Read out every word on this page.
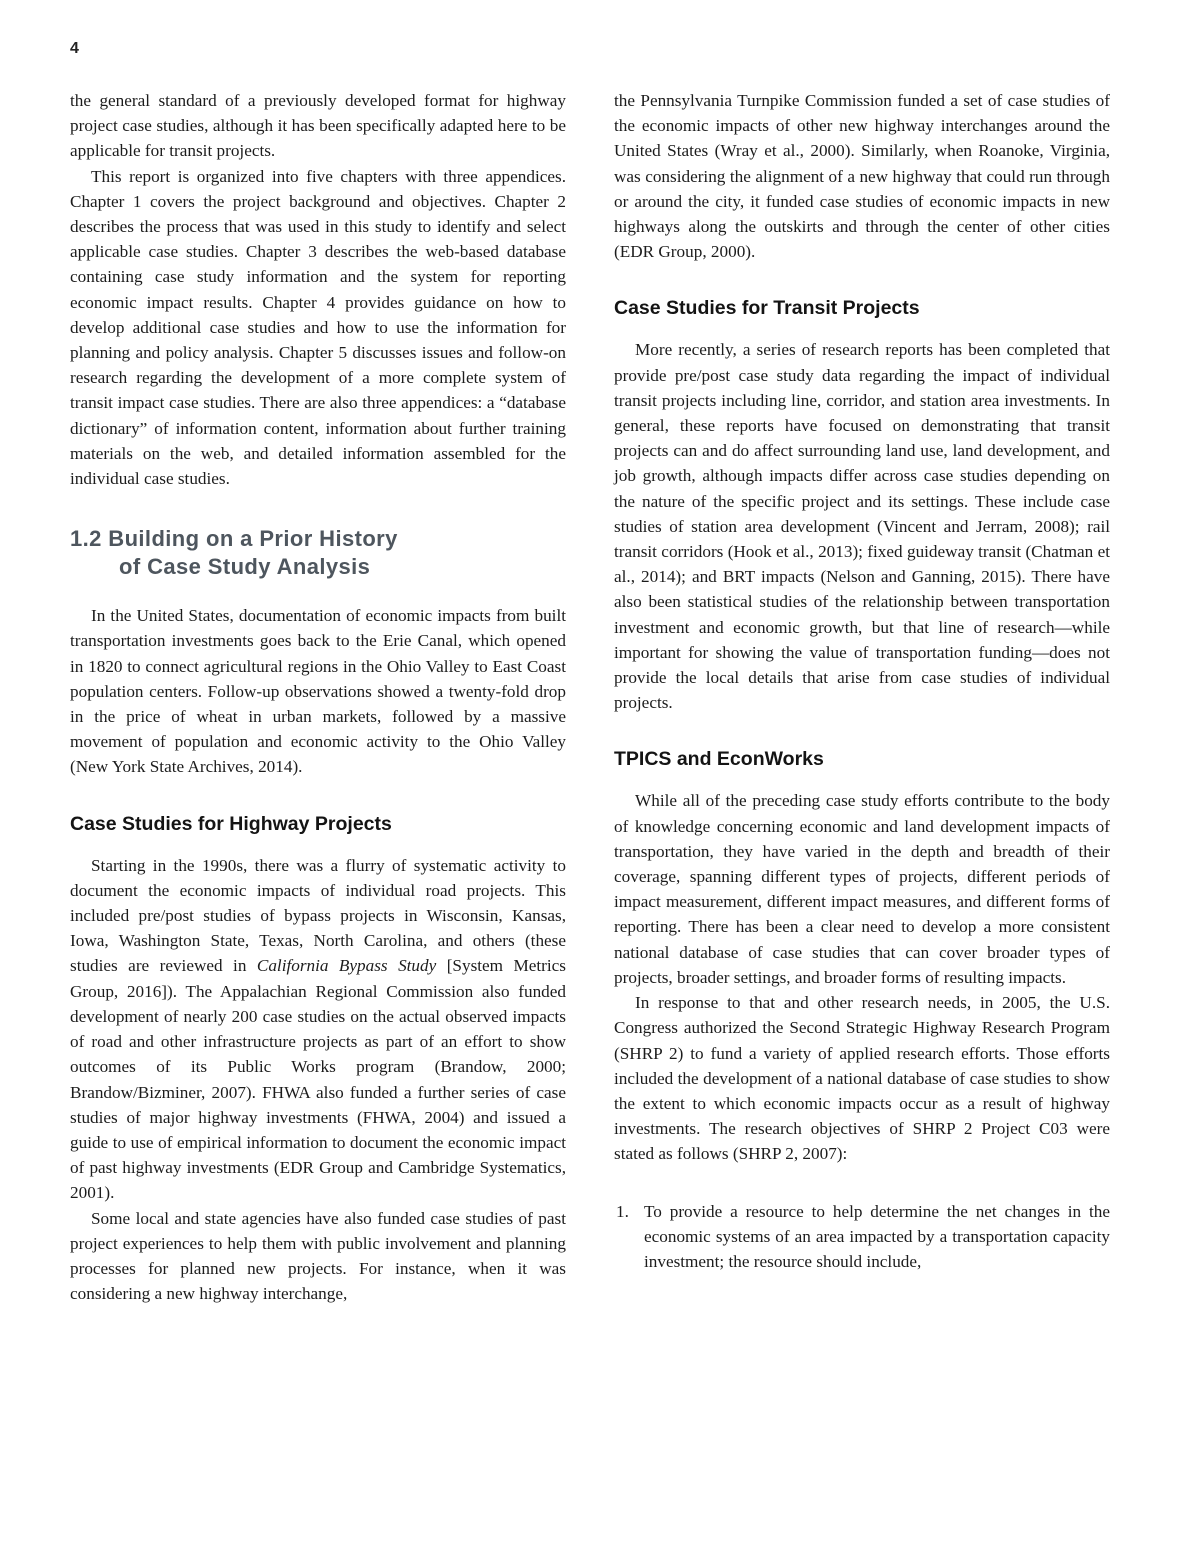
4

the general standard of a previously developed format for highway project case studies, although it has been specifically adapted here to be applicable for transit projects.

This report is organized into five chapters with three appendices. Chapter 1 covers the project background and objectives. Chapter 2 describes the process that was used in this study to identify and select applicable case studies. Chapter 3 describes the web-based database containing case study information and the system for reporting economic impact results. Chapter 4 provides guidance on how to develop additional case studies and how to use the information for planning and policy analysis. Chapter 5 discusses issues and follow-on research regarding the development of a more complete system of transit impact case studies. There are also three appendices: a “database dictionary” of information content, information about further training materials on the web, and detailed information assembled for the individual case studies.

1.2 Building on a Prior History
of Case Study Analysis

In the United States, documentation of economic impacts from built transportation investments goes back to the Erie Canal, which opened in 1820 to connect agricultural regions in the Ohio Valley to East Coast population centers. Follow-up observations showed a twenty-fold drop in the price of wheat in urban markets, followed by a massive movement of population and economic activity to the Ohio Valley (New York State Archives, 2014).

Case Studies for Highway Projects

Starting in the 1990s, there was a flurry of systematic activity to document the economic impacts of individual road projects. This included pre/post studies of bypass projects in Wisconsin, Kansas, Iowa, Washington State, Texas, North Carolina, and others (these studies are reviewed in California Bypass Study [System Metrics Group, 2016]). The Appalachian Regional Commission also funded development of nearly 200 case studies on the actual observed impacts of road and other infrastructure projects as part of an effort to show outcomes of its Public Works program (Brandow, 2000; Brandow/Bizminer, 2007). FHWA also funded a further series of case studies of major highway investments (FHWA, 2004) and issued a guide to use of empirical information to document the economic impact of past highway investments (EDR Group and Cambridge Systematics, 2001).

Some local and state agencies have also funded case studies of past project experiences to help them with public involvement and planning processes for planned new projects. For instance, when it was considering a new highway interchange,

the Pennsylvania Turnpike Commission funded a set of case studies of the economic impacts of other new highway interchanges around the United States (Wray et al., 2000). Similarly, when Roanoke, Virginia, was considering the alignment of a new highway that could run through or around the city, it funded case studies of economic impacts in new highways along the outskirts and through the center of other cities (EDR Group, 2000).

Case Studies for Transit Projects

More recently, a series of research reports has been completed that provide pre/post case study data regarding the impact of individual transit projects including line, corridor, and station area investments. In general, these reports have focused on demonstrating that transit projects can and do affect surrounding land use, land development, and job growth, although impacts differ across case studies depending on the nature of the specific project and its settings. These include case studies of station area development (Vincent and Jerram, 2008); rail transit corridors (Hook et al., 2013); fixed guideway transit (Chatman et al., 2014); and BRT impacts (Nelson and Ganning, 2015). There have also been statistical studies of the relationship between transportation investment and economic growth, but that line of research—while important for showing the value of transportation funding—does not provide the local details that arise from case studies of individual projects.

TPICS and EconWorks

While all of the preceding case study efforts contribute to the body of knowledge concerning economic and land development impacts of transportation, they have varied in the depth and breadth of their coverage, spanning different types of projects, different periods of impact measurement, different impact measures, and different forms of reporting. There has been a clear need to develop a more consistent national database of case studies that can cover broader types of projects, broader settings, and broader forms of resulting impacts.

In response to that and other research needs, in 2005, the U.S. Congress authorized the Second Strategic Highway Research Program (SHRP 2) to fund a variety of applied research efforts. Those efforts included the development of a national database of case studies to show the extent to which economic impacts occur as a result of highway investments. The research objectives of SHRP 2 Project C03 were stated as follows (SHRP 2, 2007):

1. To provide a resource to help determine the net changes in the economic systems of an area impacted by a transportation capacity investment; the resource should include,
